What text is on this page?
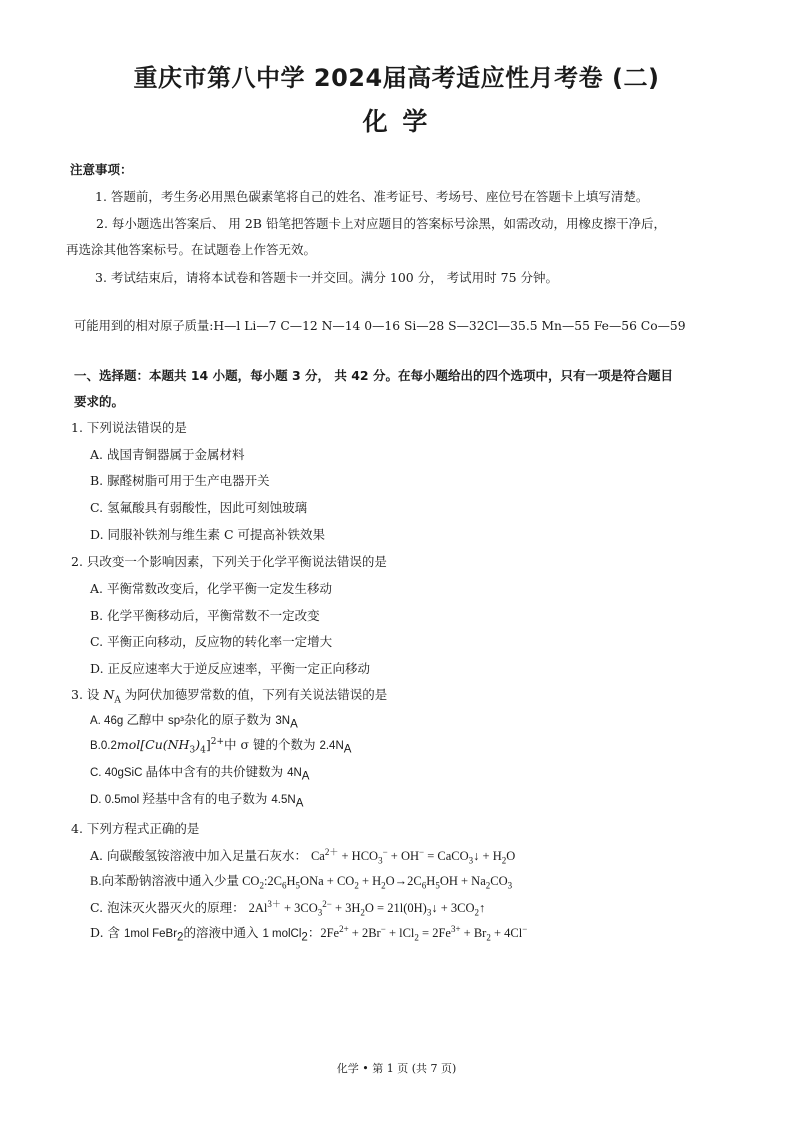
重庆市第八中学 2024届高考适应性月考卷 (二)
化 学
注意事项：
1. 答题前，考生务必用黑色碳素笔将自己的姓名、准考证号、考场号、座位号在答题卡上填写清楚。
2. 每小题选出答案后、 用 2B 铅笔把答题卡上对应题目的答案标号涂黑，如需改动，用橡皮擦干净后，
再选涂其他答案标号。在试题卷上作答无效。
3. 考试结束后，请将本试卷和答题卡一并交回。满分 100 分， 考试用时 75 分钟。
可能用到的相对原子质量:H—l Li—7 C—12 N—14 0—16 Si—28 S—32Cl—35.5 Mn—55 Fe—56 Co—59
一、选择题：本题共 14 小题，每小题 3 分， 共 42 分。在每小题给出的四个选项中，只有一项是符合题目
要求的。
1. 下列说法错误的是
A. 战国青铜器属于金属材料
B. 脲醛树脂可用于生产电器开关
C. 氢氟酸具有弱酸性，因此可刻蚀玻璃
D. 同服补铁剂与维生素 C 可提高补铁效果
2. 只改变一个影响因素，下列关于化学平衡说法错误的是
A. 平衡常数改变后，化学平衡一定发生移动
B. 化学平衡移动后，平衡常数不一定改变
C. 平衡正向移动，反应物的转化率一定增大
D. 正反应速率大于逆反应速率，平衡一定正向移动
3. 设 $N_A$ 为阿伏加德罗常数的值，下列有关说法错误的是
A. 46g 乙醇中 sp³杂化的原子数为 $3N_A$
$B.0.2mol[Cu(NH_3)_4]^{2+}$中 σ 键的个数为 $2.4N_A$
C. 40gSiC 晶体中含有的共价键数为 $4N_A$
D. 0.5mol 羟基中含有的电子数为 $4.5N_A$
4. 下列方程式正确的是
A. 向碳酸氢铵溶液中加入足量石灰水： $Ca^{2+} + HCO_3^- + OH^-$ = CaCO$_3$↓ + $H_2O$
B.向苯酚钠溶液中通入少量 $CO_2:2C_6H_5ONa + CO_2 + H_2O\to 2C_6H_5OH + Na_2CO_3$
C. 泡沫灭火器灭火的原理： $2Al^{3+} + 3CO_3^{2-} + 3H_2O$ = $21l(0H)_3↓$ + $3CO_2↑$
D. 含 1mol FeBr$_2$的溶液中通入 1 molCl$_2$：$2Fe^{2+} + 2Br^- + lCl_2 = 2Fe^{3+} + Br_2 + 4Cl^-$
化学 • 第 1 页 (共 7 页)
